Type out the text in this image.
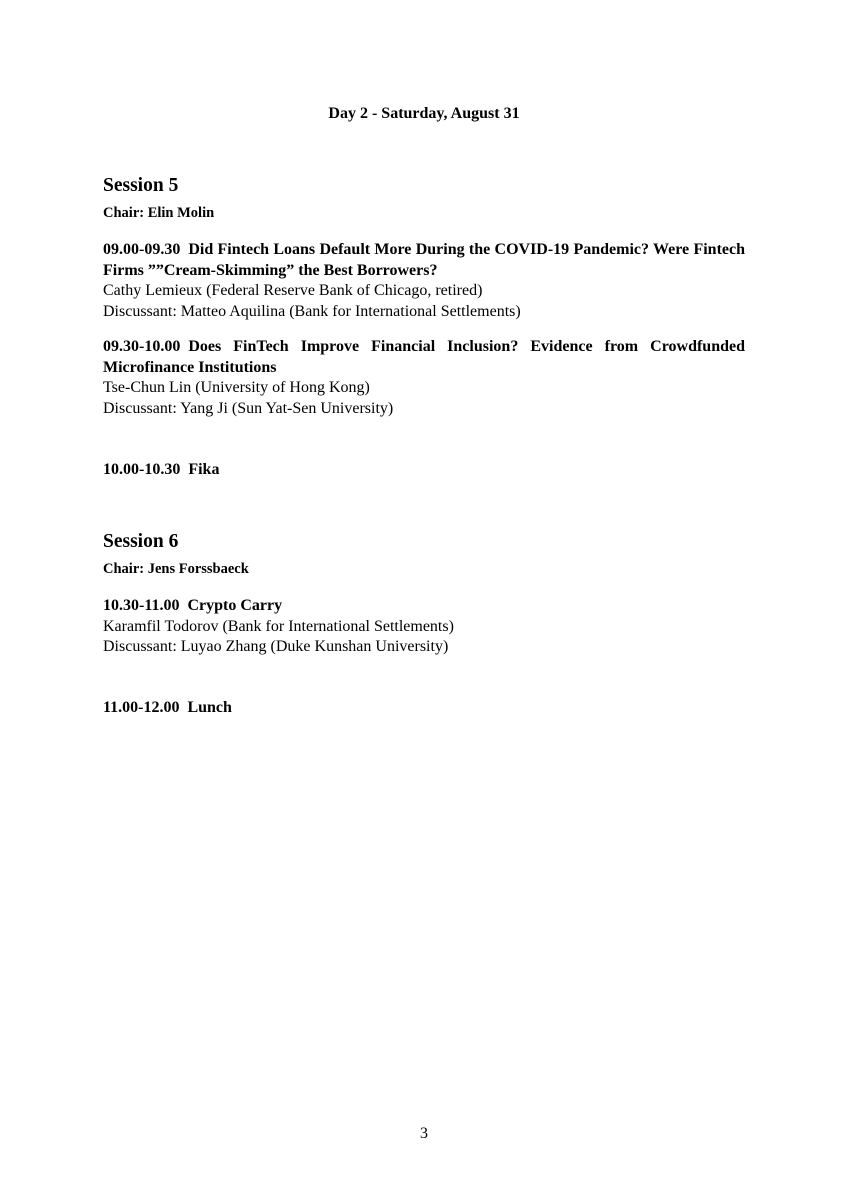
Day 2 - Saturday, August 31
Session 5
Chair: Elin Molin
09.00-09.30 Did Fintech Loans Default More During the COVID-19 Pandemic? Were Fintech Firms ””Cream-Skimming” the Best Borrowers?
Cathy Lemieux (Federal Reserve Bank of Chicago, retired)
Discussant: Matteo Aquilina (Bank for International Settlements)
09.30-10.00 Does FinTech Improve Financial Inclusion? Evidence from Crowdfunded Microfinance Institutions
Tse-Chun Lin (University of Hong Kong)
Discussant: Yang Ji (Sun Yat-Sen University)
10.00-10.30 Fika
Session 6
Chair: Jens Forssbaeck
10.30-11.00 Crypto Carry
Karamfil Todorov (Bank for International Settlements)
Discussant: Luyao Zhang (Duke Kunshan University)
11.00-12.00 Lunch
3
